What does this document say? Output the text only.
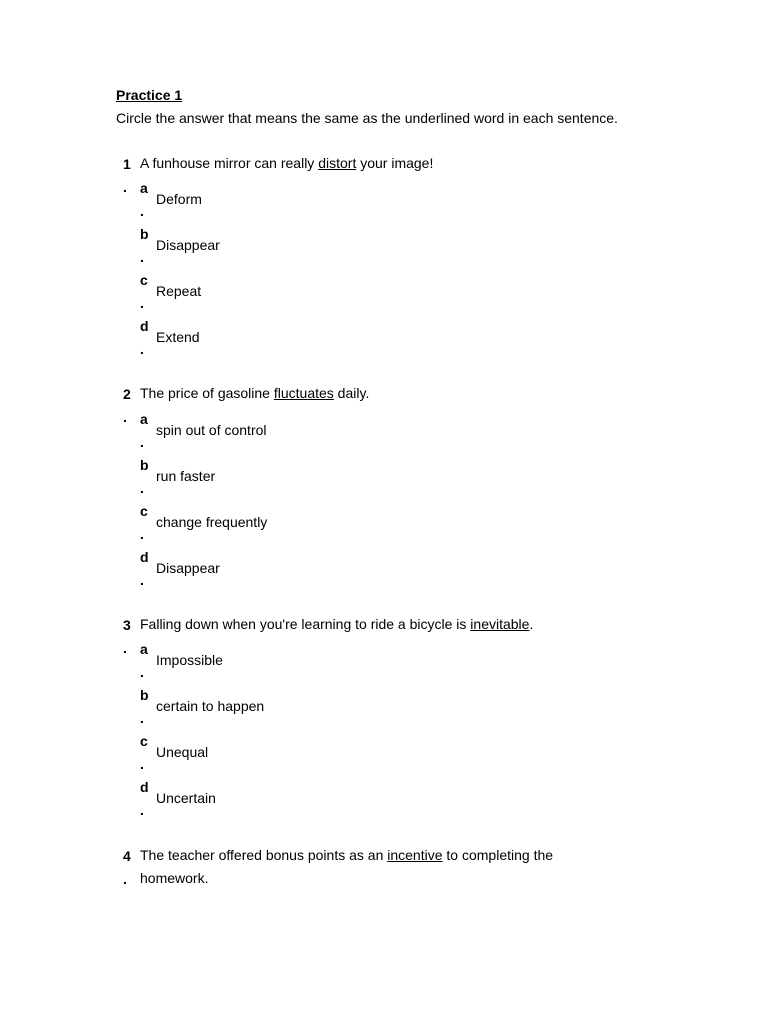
Practice 1
Circle the answer that means the same as the underlined word in each sentence.
1
.
A funhouse mirror can really distort your image!
a
.
Deform
b
.
Disappear
c
.
Repeat
d
.
Extend
2
.
The price of gasoline fluctuates daily.
a
.
spin out of control
b
.
run faster
c
.
change frequently
d
.
Disappear
3
.
Falling down when you're learning to ride a bicycle is inevitable.
a
.
Impossible
b
.
certain to happen
c
.
Unequal
d
.
Uncertain
4
.
The teacher offered bonus points as an incentive to completing the homework.
